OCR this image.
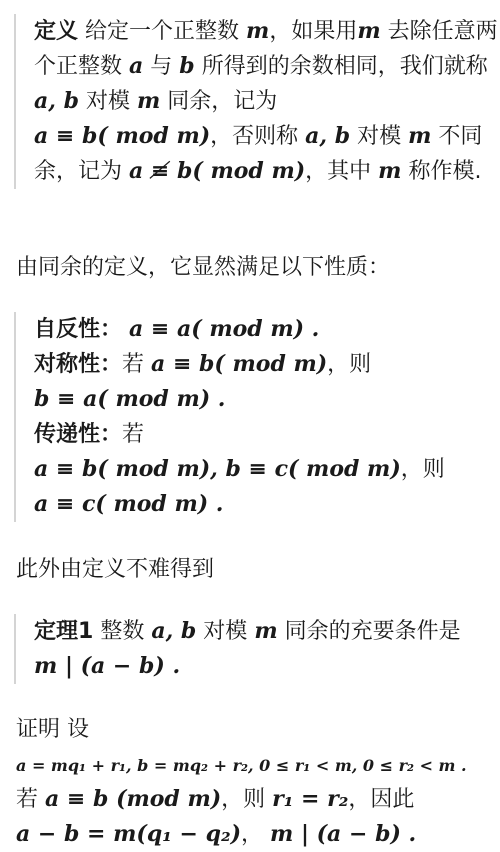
定义 给定一个正整数 m，如果用m 去除任意两个正整数 a 与 b 所得到的余数相同，我们就称 a, b 对模 m 同余，记为
a ≡ b( mod m)，否则称 a, b 对模 m 不同余，记为 a ≢ b( mod m)，其中 m 称作模.
由同余的定义，它显然满足以下性质：
自反性： a ≡ a( mod m) .
对称性：若 a ≡ b( mod m)，则
b ≡ a( mod m) .
传递性：若
a ≡ b( mod m), b ≡ c( mod m)，则
a ≡ c( mod m) .
此外由定义不难得到
定理1 整数 a, b 对模 m 同余的充要条件是
m | (a − b) .
证明 设
a = mq₁ + r₁, b = mq₂ + r₂, 0 ≤ r₁ < m, 0 ≤ r₂ < m .
若 a ≡ b (mod m)，则 r₁ = r₂，因此
a − b = m(q₁ − q₂)， m | (a − b) .
